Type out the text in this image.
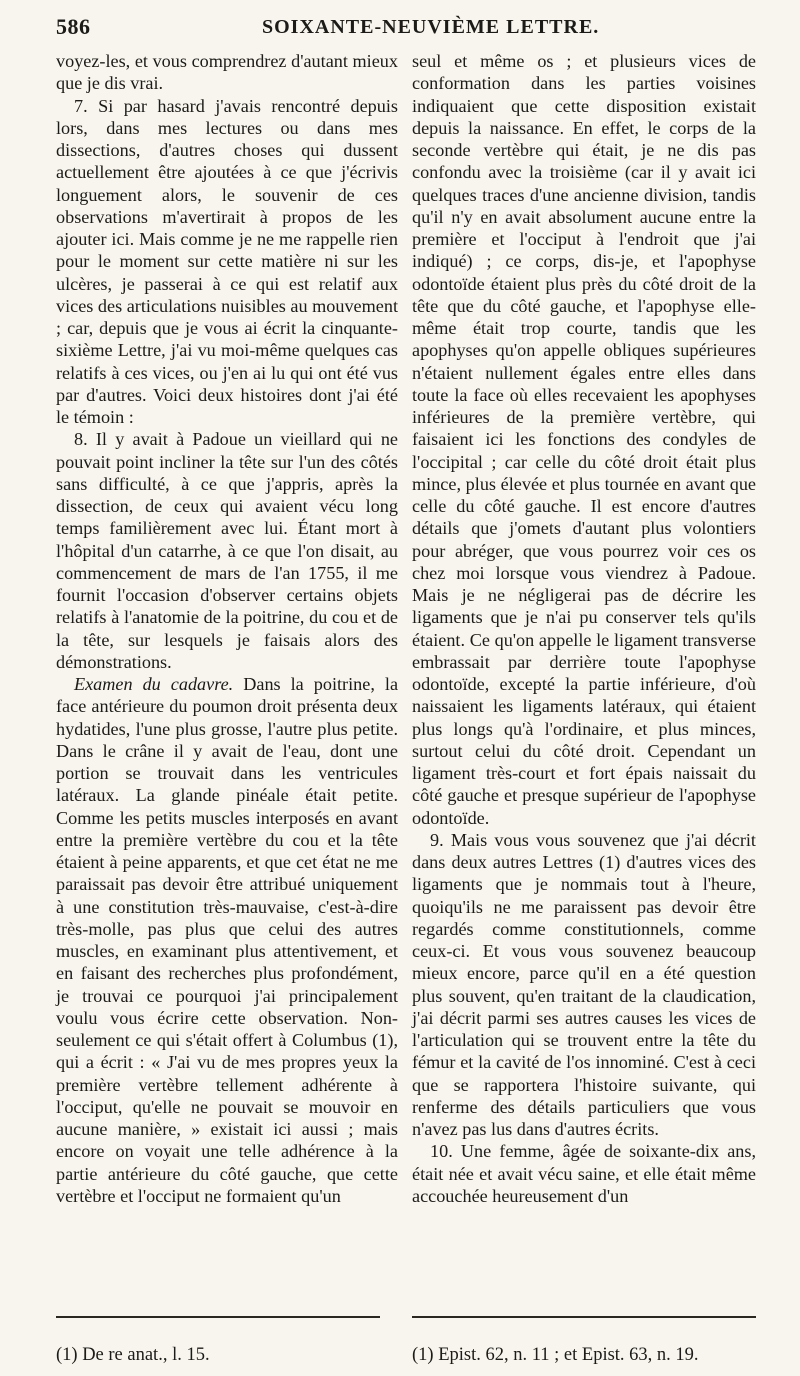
586	SOIXANTE-NEUVIÈME LETTRE.

voyez-les, et vous comprendrez d'autant mieux que je dis vrai.

7. Si par hasard j'avais rencontré depuis lors, dans mes lectures ou dans mes dissections, d'autres choses qui dussent actuellement être ajoutées à ce que j'écrivis longuement alors, le souvenir de ces observations m'avertirait à propos de les ajouter ici. Mais comme je ne me rappelle rien pour le moment sur cette matière ni sur les ulcères, je passerai à ce qui est relatif aux vices des articulations nuisibles au mouvement ; car, depuis que je vous ai écrit la cinquante-sixième Lettre, j'ai vu moi-même quelques cas relatifs à ces vices, ou j'en ai lu qui ont été vus par d'autres. Voici deux histoires dont j'ai été le témoin :

8. Il y avait à Padoue un vieillard qui ne pouvait point incliner la tête sur l'un des côtés sans difficulté, à ce que j'appris, après la dissection, de ceux qui avaient vécu long temps familièrement avec lui. Étant mort à l'hôpital d'un catarrhe, à ce que l'on disait, au commencement de mars de l'an 1755, il me fournit l'occasion d'observer certains objets relatifs à l'anatomie de la poitrine, du cou et de la tête, sur lesquels je faisais alors des démonstrations.

Examen du cadavre. Dans la poitrine, la face antérieure du poumon droit présenta deux hydatides, l'une plus grosse, l'autre plus petite. Dans le crâne il y avait de l'eau, dont une portion se trouvait dans les ventricules latéraux. La glande pinéale était petite. Comme les petits muscles interposés en avant entre la première vertèbre du cou et la tête étaient à peine apparents, et que cet état ne me paraissait pas devoir être attribué uniquement à une constitution très-mauvaise, c'est-à-dire très-molle, pas plus que celui des autres muscles, en examinant plus attentivement, et en faisant des recherches plus profondément, je trouvai ce pourquoi j'ai principalement voulu vous écrire cette observation. Non-seulement ce qui s'était offert à Columbus (1), qui a écrit : « J'ai vu de mes propres yeux la première vertèbre tellement adhérente à l'occiput, qu'elle ne pouvait se mouvoir en aucune manière, » existait ici aussi ; mais encore on voyait une telle adhérence à la partie antérieure du côté gauche, que cette vertèbre et l'occiput ne formaient qu'un

seul et même os ; et plusieurs vices de conformation dans les parties voisines indiquaient que cette disposition existait depuis la naissance. En effet, le corps de la seconde vertèbre qui était, je ne dis pas confondu avec la troisième (car il y avait ici quelques traces d'une ancienne division, tandis qu'il n'y en avait absolument aucune entre la première et l'occiput à l'endroit que j'ai indiqué) ; ce corps, dis-je, et l'apophyse odontoïde étaient plus près du côté droit de la tête que du côté gauche, et l'apophyse elle-même était trop courte, tandis que les apophyses qu'on appelle obliques supérieures n'étaient nullement égales entre elles dans toute la face où elles recevaient les apophyses inférieures de la première vertèbre, qui faisaient ici les fonctions des condyles de l'occipital ; car celle du côté droit était plus mince, plus élevée et plus tournée en avant que celle du côté gauche. Il est encore d'autres détails que j'omets d'autant plus volontiers pour abréger, que vous pourrez voir ces os chez moi lorsque vous viendrez à Padoue. Mais je ne négligerai pas de décrire les ligaments que je n'ai pu conserver tels qu'ils étaient. Ce qu'on appelle le ligament transverse embrassait par derrière toute l'apophyse odontoïde, excepté la partie inférieure, d'où naissaient les ligaments latéraux, qui étaient plus longs qu'à l'ordinaire, et plus minces, surtout celui du côté droit. Cependant un ligament très-court et fort épais naissait du côté gauche et presque supérieur de l'apophyse odontoïde.

9. Mais vous vous souvenez que j'ai décrit dans deux autres Lettres (1) d'autres vices des ligaments que je nommais tout à l'heure, quoiqu'ils ne me paraissent pas devoir être regardés comme constitutionnels, comme ceux-ci. Et vous vous souvenez beaucoup mieux encore, parce qu'il en a été question plus souvent, qu'en traitant de la claudication, j'ai décrit parmi ses autres causes les vices de l'articulation qui se trouvent entre la tête du fémur et la cavité de l'os innominé. C'est à ceci que se rapportera l'histoire suivante, qui renferme des détails particuliers que vous n'avez pas lus dans d'autres écrits.

10. Une femme, âgée de soixante-dix ans, était née et avait vécu saine, et elle était même accouchée heureusement d'un

(1) De re anat., l. 15.	(1) Epist. 62, n. 11 ; et Epist. 63, n. 19.
